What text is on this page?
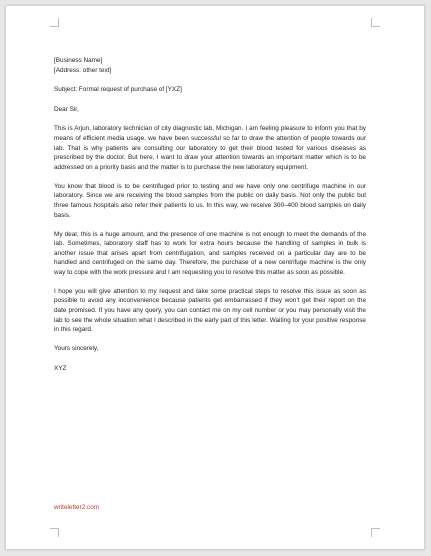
[Business Name]
[Address: other text]
Subject: Formal request of purchase of [YXZ]
Dear Sir,

This is Arjun, laboratory technician of city diagnostic lab, Michigan. I am feeling pleasure to inform you that by means of efficient media usage, we have been successful so far to draw the attention of people towards our lab. That is why patients are consulting our laboratory to get their blood tested for various diseases as prescribed by the doctor. But here, I want to draw your attention towards an important matter which is to be addressed on a priority basis and the matter is to purchase the new laboratory equipment.

You know that blood is to be centrifuged prior to testing and we have only one centrifuge machine in our laboratory. Since we are receiving the blood samples from the public on daily basis. Not only the public but three famous hospitals also refer their patients to us. In this way, we receive 300–400 blood samples on daily basis.

My dear, this is a huge amount, and the presence of one machine is not enough to meet the demands of the lab. Sometimes, laboratory staff has to work for extra hours because the handling of samples in bulk is another issue that arises apart from centrifugation, and samples received on a particular day are to be handled and centrifuged on the same day. Therefore, the purchase of a new centrifuge machine is the only way to cope with the work pressure and I am requesting you to resolve this matter as soon as possible.

I hope you will give attention to my request and take some practical steps to resolve this issue as soon as possible to avoid any inconvenience because patients get embarrassed if they won’t get their report on the date promised. If you have any query, you can contact me on my cell number or you may personally visit the lab to see the whole situation what I described in the early part of this letter. Waiting for your positive response in this regard.

Yours sincerely,
XYZ
writeletter2.com
